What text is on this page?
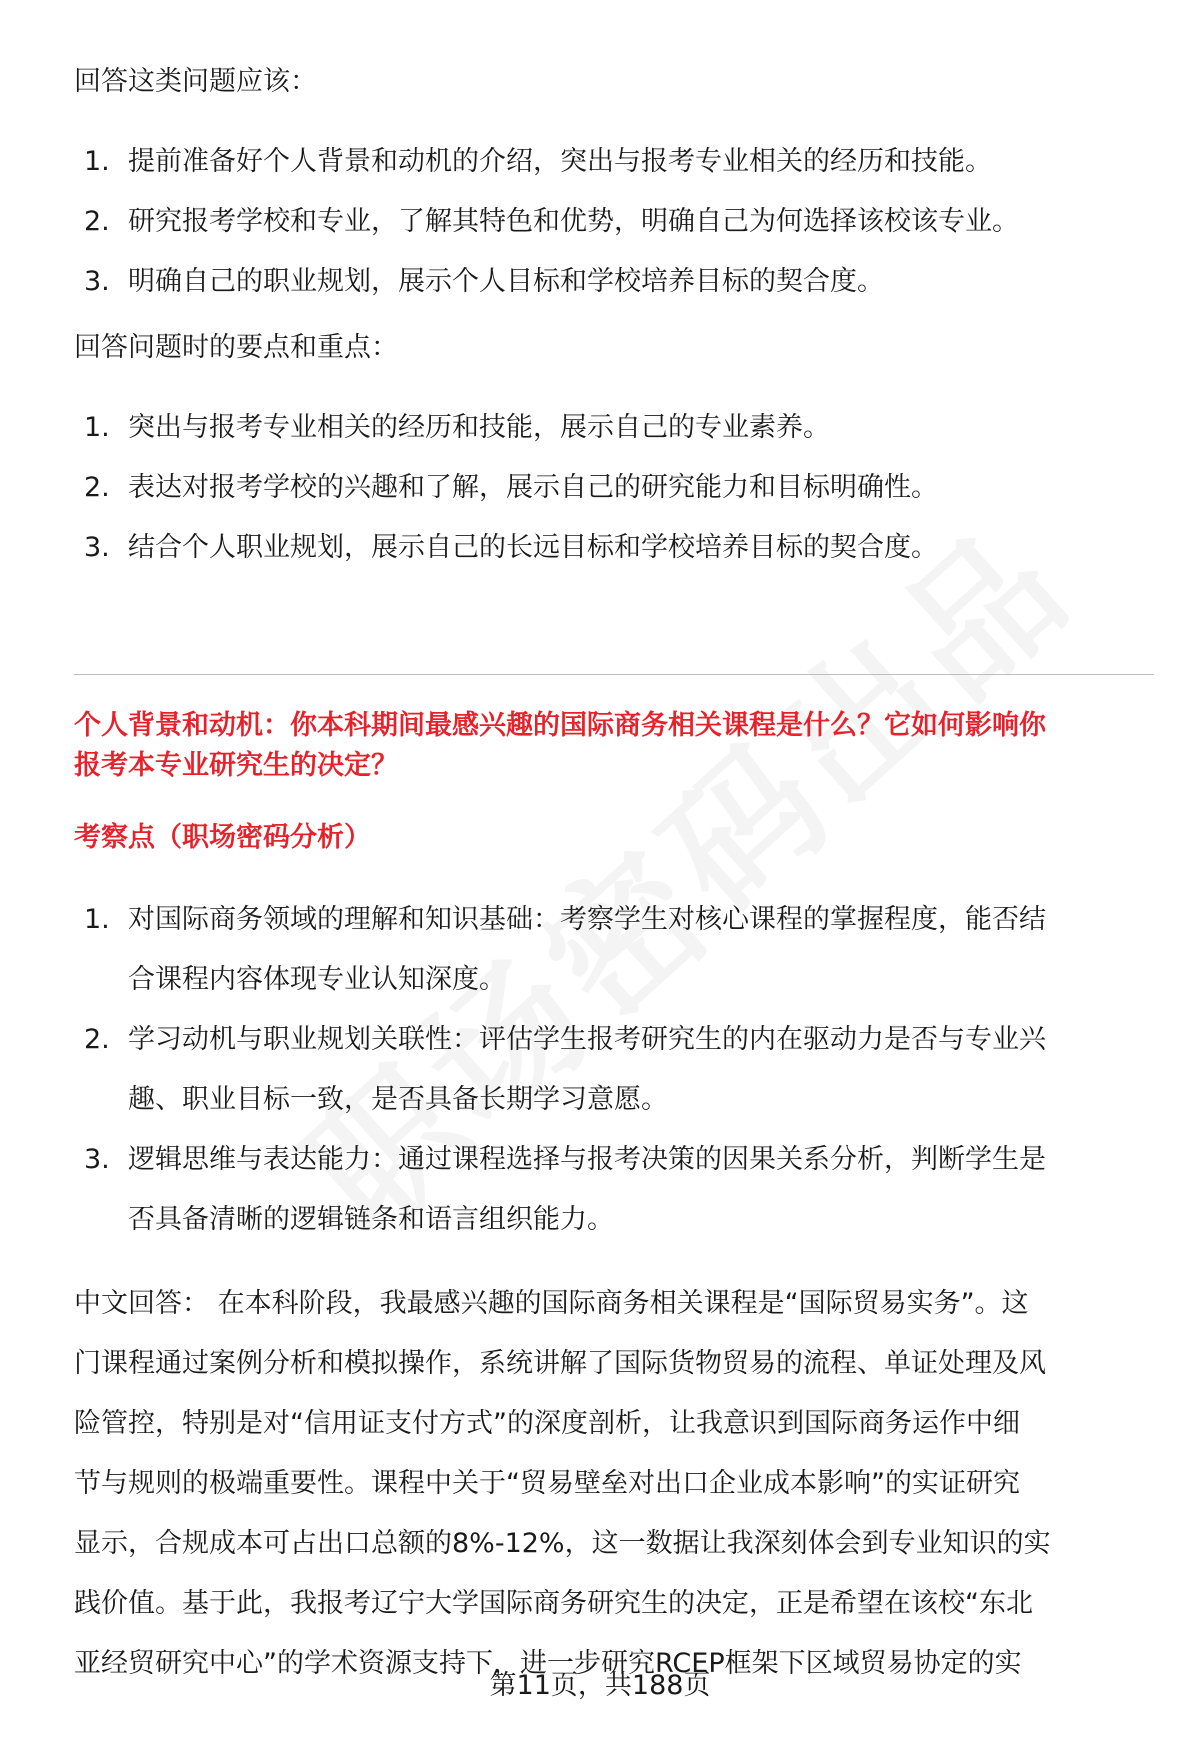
回答这类问题应该：

1. 提前准备好个人背景和动机的介绍，突出与报考专业相关的经历和技能。
2. 研究报考学校和专业，了解其特色和优势，明确自己为何选择该校该专业。
3. 明确自己的职业规划，展示个人目标和学校培养目标的契合度。

回答问题时的要点和重点：

1. 突出与报考专业相关的经历和技能，展示自己的专业素养。
2. 表达对报考学校的兴趣和了解，展示自己的研究能力和目标明确性。
3. 结合个人职业规划，展示自己的长远目标和学校培养目标的契合度。

个人背景和动机：你本科期间最感兴趣的国际商务相关课程是什么？它如何影响你
报考本专业研究生的决定？

考察点（职场密码分析）

1. 对国际商务领域的理解和知识基础：考察学生对核心课程的掌握程度，能否结
合课程内容体现专业认知深度。
2. 学习动机与职业规划关联性：评估学生报考研究生的内在驱动力是否与专业兴
趣、职业目标一致，是否具备长期学习意愿。
3. 逻辑思维与表达能力：通过课程选择与报考决策的因果关系分析，判断学生是
否具备清晰的逻辑链条和语言组织能力。

中文回答： 在本科阶段，我最感兴趣的国际商务相关课程是“国际贸易实务”。这

门课程通过案例分析和模拟操作，系统讲解了国际货物贸易的流程、单证处理及风

险管控，特别是对“信用证支付方式”的深度剖析，让我意识到国际商务运作中细

节与规则的极端重要性。课程中关于“贸易壁垒对出口企业成本影响”的实证研究

显示，合规成本可占出口总额的8%-12%，这一数据让我深刻体会到专业知识的实

践价值。基于此，我报考辽宁大学国际商务研究生的决定，正是希望在该校“东北

亚经贸研究中心”的学术资源支持下，进一步研究RCEP框架下区域贸易协定的实

第11页，共188页
